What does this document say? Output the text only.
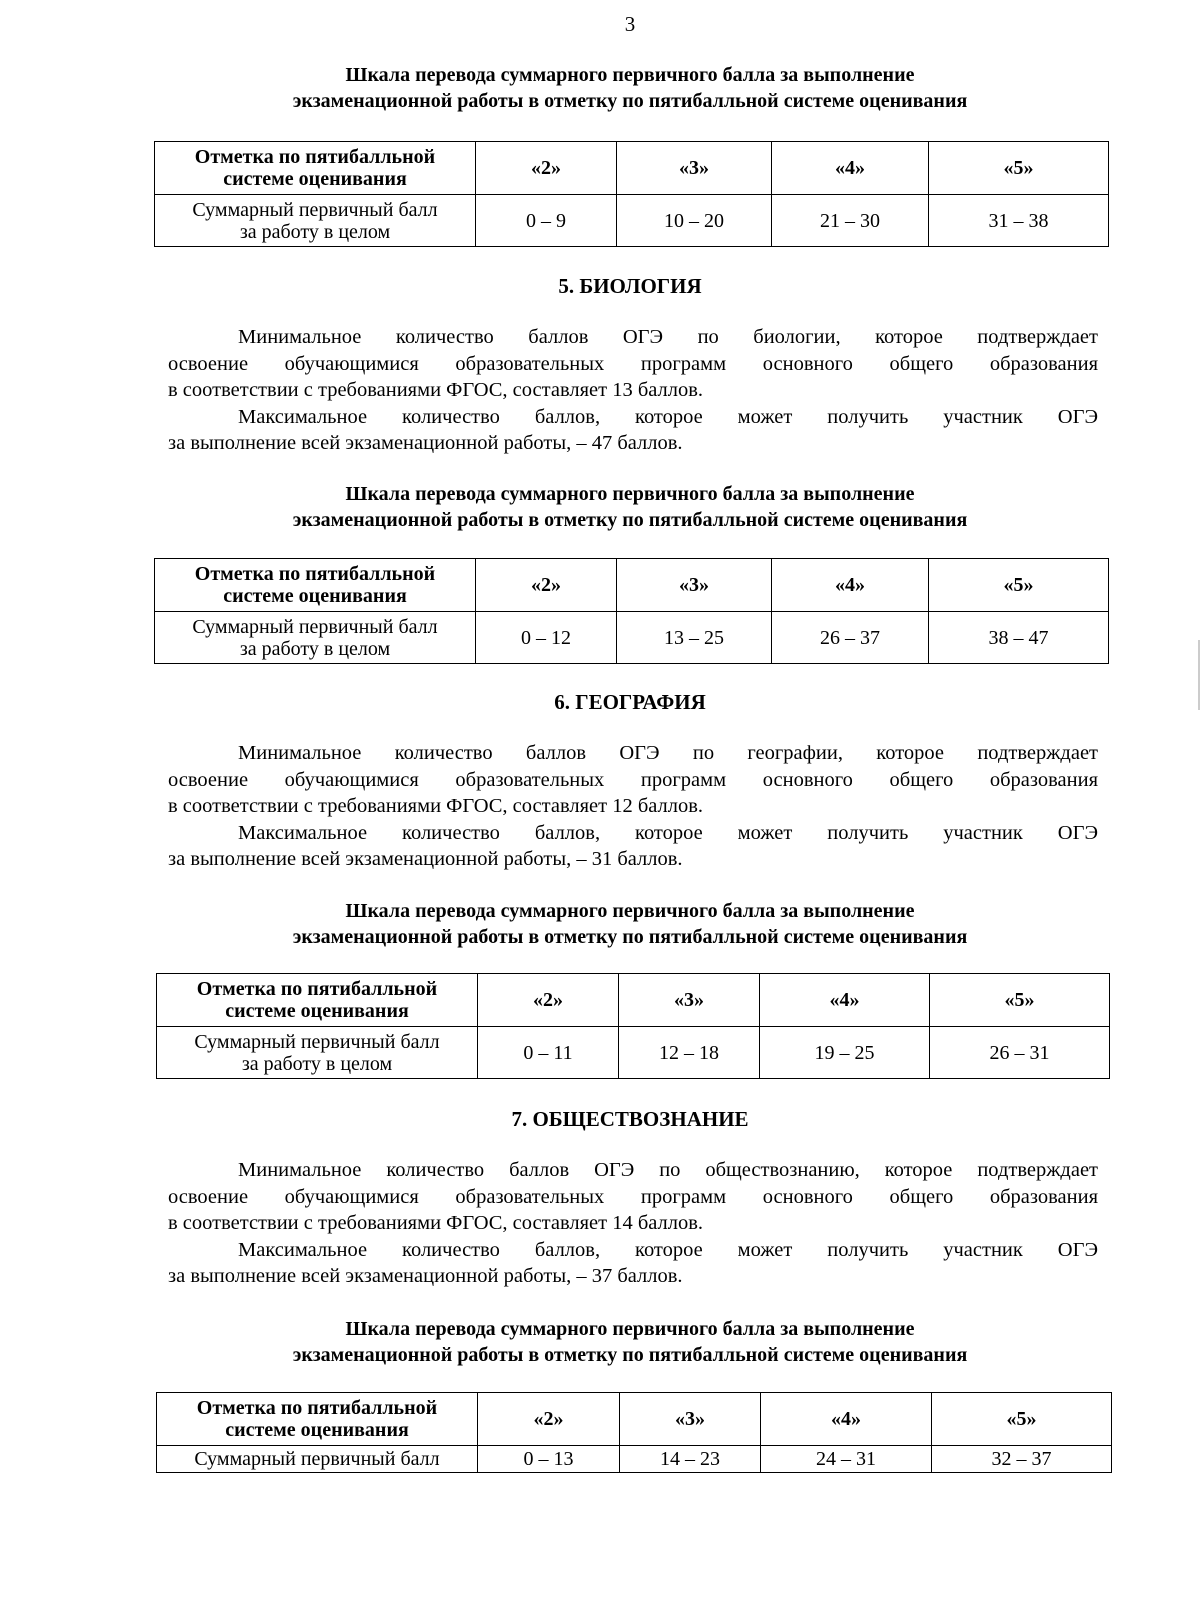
3
Шкала перевода суммарного первичного балла за выполнение
экзаменационной работы в отметку по пятибалльной системе оценивания
Отметка по пятибалльной
системе оценивания	«2»	«3»	«4»	«5»

Суммарный первичный балл
за работу в целом	0 – 9	10 – 20	21 – 30	31 – 38
5. БИОЛОГИЯ

Минимальное количество баллов ОГЭ по биологии, которое подтверждает

освоение обучающимися образовательных программ основного общего образования

в соответствии с требованиями ФГОС, составляет 13 баллов.

Максимальное количество баллов, которое может получить участник ОГЭ

за выполнение всей экзаменационной работы, – 47 баллов.

Шкала перевода суммарного первичного балла за выполнение
экзаменационной работы в отметку по пятибалльной системе оценивания
Отметка по пятибалльной
системе оценивания	«2»	«3»	«4»	«5»

Суммарный первичный балл
за работу в целом	0 – 12	13 – 25	26 – 37	38 – 47
6. ГЕОГРАФИЯ

Минимальное количество баллов ОГЭ по географии, которое подтверждает

освоение обучающимися образовательных программ основного общего образования

в соответствии с требованиями ФГОС, составляет 12 баллов.

Максимальное количество баллов, которое может получить участник ОГЭ

за выполнение всей экзаменационной работы, – 31 баллов.

Шкала перевода суммарного первичного балла за выполнение
экзаменационной работы в отметку по пятибалльной системе оценивания
Отметка по пятибалльной
системе оценивания	«2»	«3»	«4»	«5»

Суммарный первичный балл
за работу в целом	0 – 11	12 – 18	19 – 25	26 – 31
7. ОБЩЕСТВОЗНАНИЕ

Минимальное количество баллов ОГЭ по обществознанию, которое подтверждает

освоение обучающимися образовательных программ основного общего образования

в соответствии с требованиями ФГОС, составляет 14 баллов.

Максимальное количество баллов, которое может получить участник ОГЭ

за выполнение всей экзаменационной работы, – 37 баллов.

Шкала перевода суммарного первичного балла за выполнение
экзаменационной работы в отметку по пятибалльной системе оценивания
Отметка по пятибалльной
системе оценивания	«2»	«3»	«4»	«5»
Суммарный первичный балл	0 – 13	14 – 23	24 – 31	32 – 37
